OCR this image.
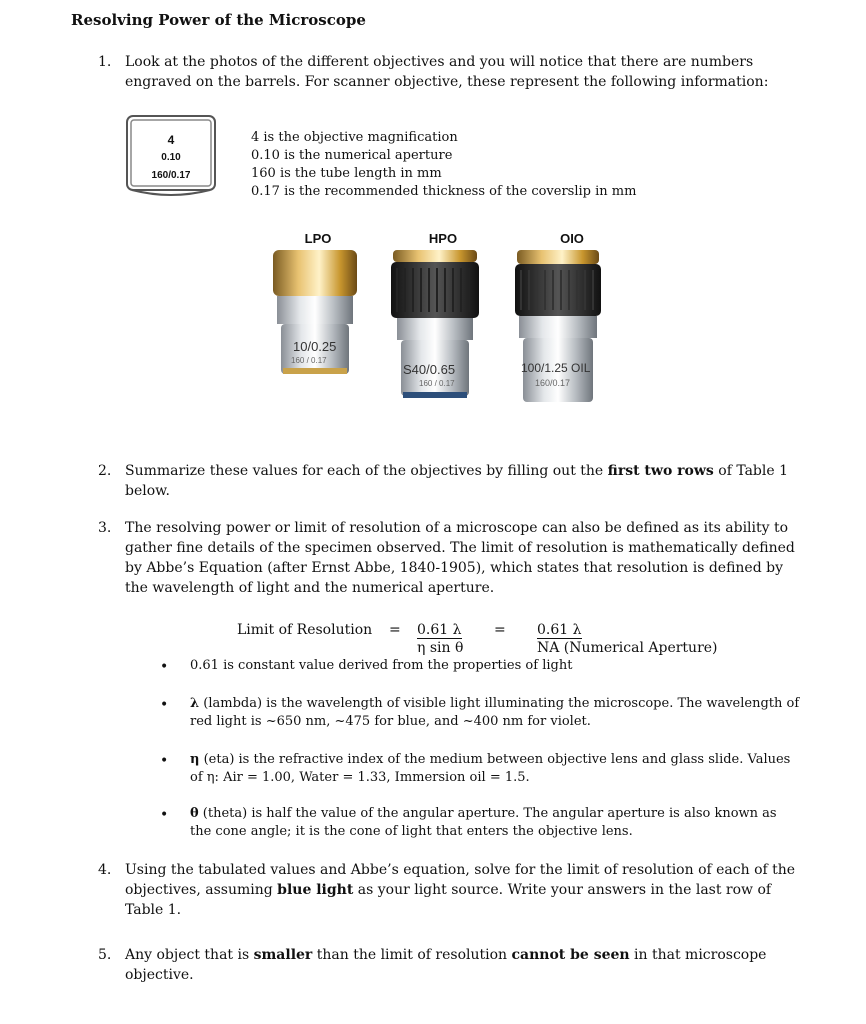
Resolving Power of the Microscope
1. Look at the photos of the different objectives and you will notice that there are numbers engraved on the barrels. For scanner objective, these represent the following information:
4
0.10
160/0.17
4 is the objective magnification
0.10 is the numerical aperture
160 is the tube length in mm
0.17 is the recommended thickness of the coverslip in mm
LPO	HPO	OIO
10/0.25
160 / 0.17
S40/0.65
160 / 0.17
100/1.25 OIL
160/0.17
2. Summarize these values for each of the objectives by filling out the first two rows of Table 1 below.
3. The resolving power or limit of resolution of a microscope can also be defined as its ability to gather fine details of the specimen observed. The limit of resolution is mathematically defined by Abbe’s Equation (after Ernst Abbe, 1840-1905), which states that resolution is defined by the wavelength of light and the numerical aperture.
Limit of Resolution = 0.61 λ
η sin θ
= 0.61 λ
NA (Numerical Aperture)
• 0.61 is constant value derived from the properties of light
• λ (lambda) is the wavelength of visible light illuminating the microscope. The wavelength of red light is ~650 nm, ~475 for blue, and ~400 nm for violet.
• η (eta) is the refractive index of the medium between objective lens and glass slide. Values of η: Air = 1.00, Water = 1.33, Immersion oil = 1.5.
• θ (theta) is half the value of the angular aperture. The angular aperture is also known as the cone angle; it is the cone of light that enters the objective lens.
4. Using the tabulated values and Abbe’s equation, solve for the limit of resolution of each of the objectives, assuming blue light as your light source. Write your answers in the last row of Table 1.
5. Any object that is smaller than the limit of resolution cannot be seen in that microscope objective.
